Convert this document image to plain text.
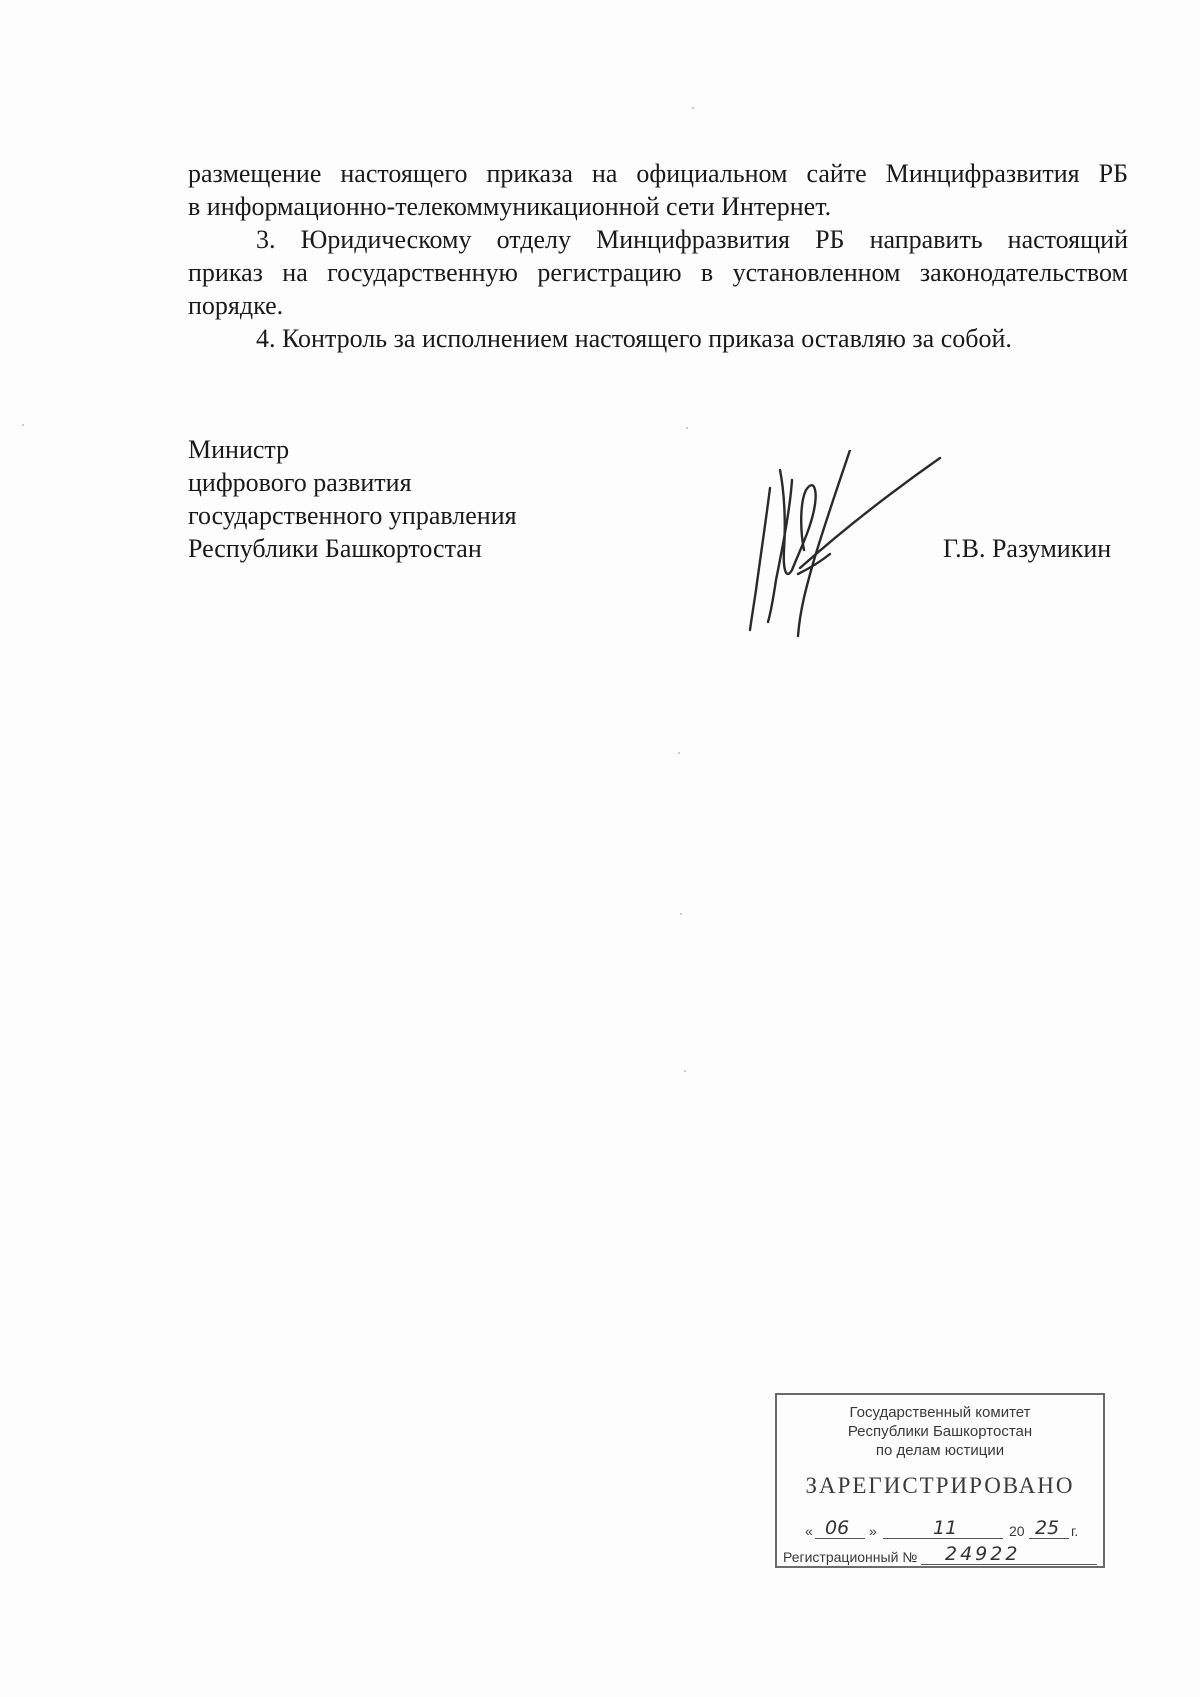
размещение настоящего приказа на официальном сайте Минцифразвития РБ
в информационно-телекоммуникационной сети Интернет.

3. Юридическому отделу Минцифразвития РБ направить настоящий
приказ на государственную регистрацию в установленном законодательством
порядке.

4. Контроль за исполнением настоящего приказа оставляю за собой.

Министр
цифрового развития
государственного управления
Республики Башкортостан	Г.В. Разумикин
Государственный комитет
Республики Башкортостан
по делам юстиции
ЗАРЕГИСТРИРОВАНО
« 06 »	11	20 25 г.
Регистрационный № 24922
